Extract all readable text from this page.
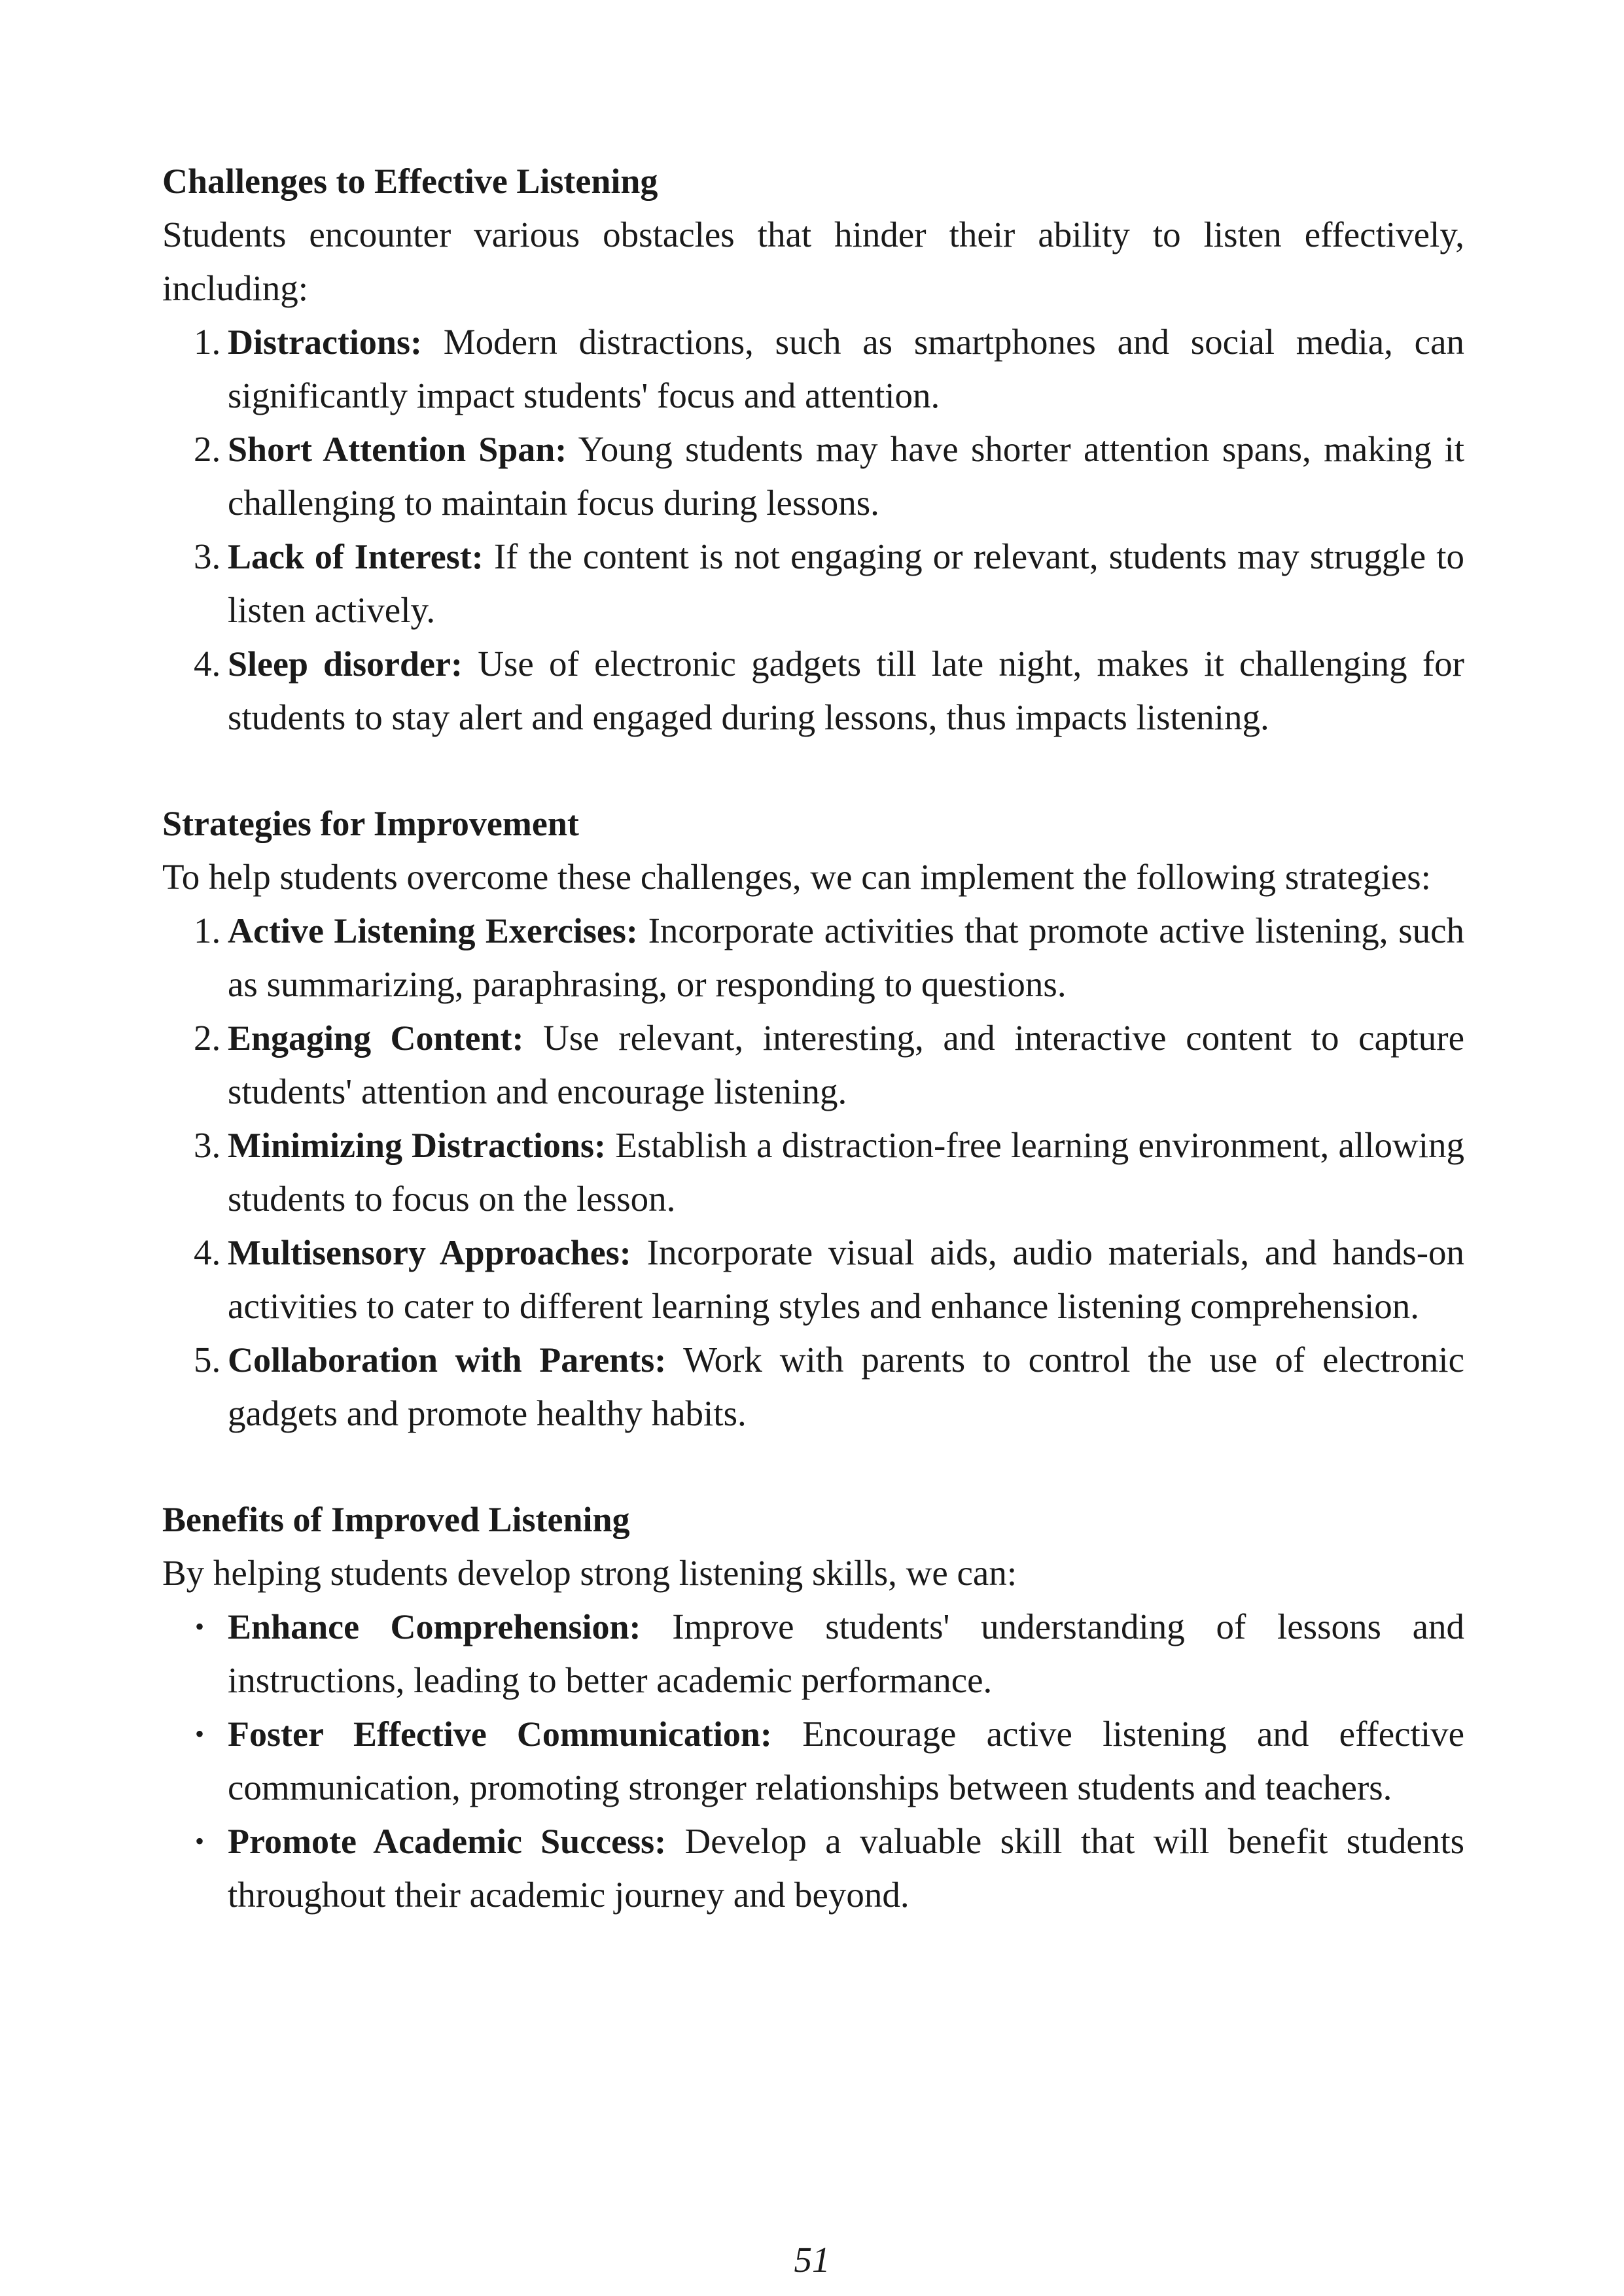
Challenges to Effective Listening

Students encounter various obstacles that hinder their ability to listen effectively, including:

1. Distractions: Modern distractions, such as smartphones and social media, can significantly impact students' focus and attention.
2. Short Attention Span: Young students may have shorter attention spans, making it challenging to maintain focus during lessons.
3. Lack of Interest: If the content is not engaging or relevant, students may struggle to listen actively.
4. Sleep disorder: Use of electronic gadgets till late night, makes it challenging for students to stay alert and engaged during lessons, thus impacts listening.
Strategies for Improvement

To help students overcome these challenges, we can implement the following strategies:

1. Active Listening Exercises: Incorporate activities that promote active listening, such as summarizing, paraphrasing, or responding to questions.
2. Engaging Content: Use relevant, interesting, and interactive content to capture students' attention and encourage listening.
3. Minimizing Distractions: Establish a distraction-free learning environment, allowing students to focus on the lesson.
4. Multisensory Approaches: Incorporate visual aids, audio materials, and hands-on activities to cater to different learning styles and enhance listening comprehension.
5. Collaboration with Parents: Work with parents to control the use of electronic gadgets and promote healthy habits.
Benefits of Improved Listening

By helping students develop strong listening skills, we can:

• Enhance Comprehension: Improve students' understanding of lessons and instructions, leading to better academic performance.
• Foster Effective Communication: Encourage active listening and effective communication, promoting stronger relationships between students and teachers.
• Promote Academic Success: Develop a valuable skill that will benefit students throughout their academic journey and beyond.
51
